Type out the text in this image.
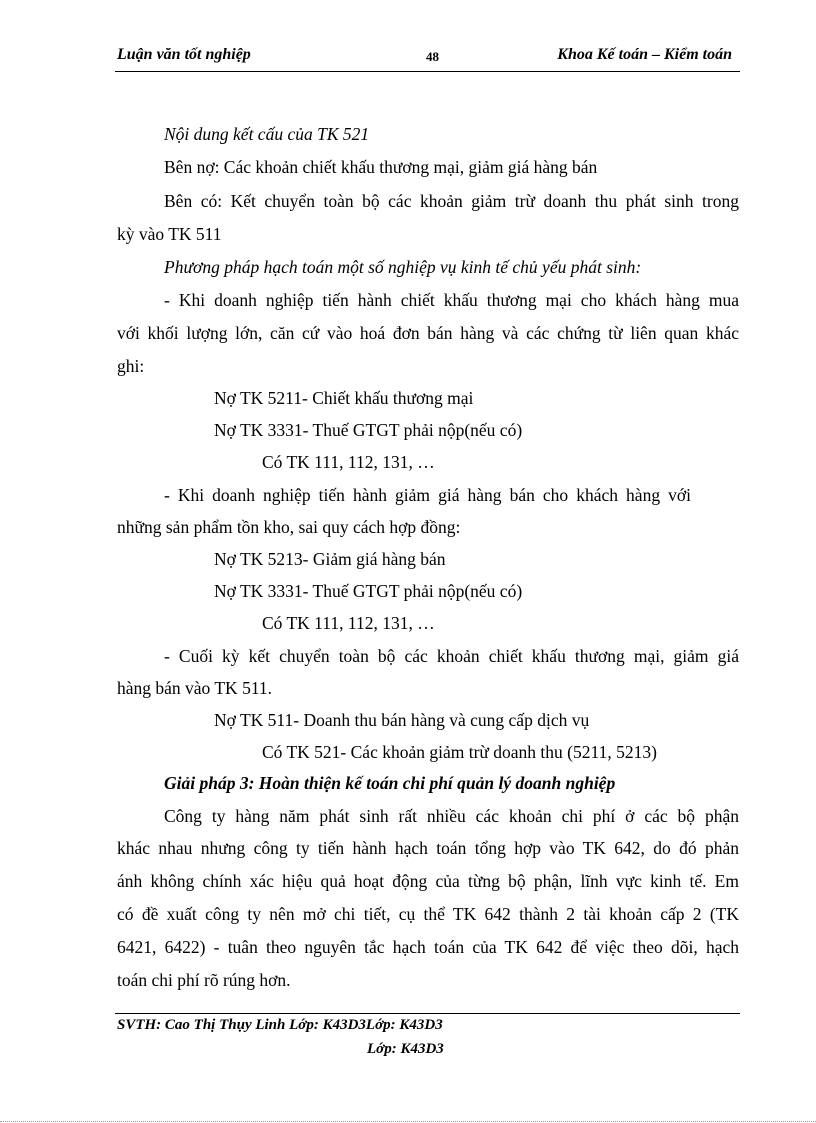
Luận văn tốt nghiệp	48	Khoa Kế toán – Kiểm toán
Nội dung kết cấu của TK 521
Bên nợ: Các khoản chiết khấu thương mại, giảm giá hàng bán
Bên có: Kết chuyển toàn bộ các khoản giảm trừ doanh thu phát sinh trong
kỳ vào TK 511
Phương pháp hạch toán một số nghiệp vụ kinh tế chủ yếu phát sinh:
- Khi doanh nghiệp tiến hành chiết khấu thương mại cho khách hàng mua
với khối lượng lớn, căn cứ vào hoá đơn bán hàng và các chứng từ liên quan khác
ghi:
Nợ TK 5211- Chiết khấu thương mại
Nợ TK 3331- Thuế GTGT phải nộp(nếu có)
Có TK 111, 112, 131, …
- Khi doanh nghiệp tiến hành giảm giá hàng bán cho khách hàng với
những sản phẩm tồn kho, sai quy cách hợp đồng:
Nợ TK 5213- Giảm giá hàng bán
Nợ TK 3331- Thuế GTGT phải nộp(nếu có)
Có TK 111, 112, 131, …
- Cuối kỳ kết chuyển toàn bộ các khoản chiết khấu thương mại, giảm giá
hàng bán vào TK 511.
Nợ TK 511- Doanh thu bán hàng và cung cấp dịch vụ
Có TK 521- Các khoản giảm trừ doanh thu (5211, 5213)
Giải pháp 3: Hoàn thiện kế toán chi phí quản lý doanh nghiệp
Công ty hàng năm phát sinh rất nhiều các khoản chi phí ở các bộ phận
khác nhau nhưng công ty tiến hành hạch toán tổng hợp vào TK 642, do đó phản
ánh không chính xác hiệu quả hoạt động của từng bộ phận, lĩnh vực kinh tế. Em
có đề xuất công ty nên mở chi tiết, cụ thể TK 642 thành 2 tài khoản cấp 2 (TK
6421, 6422) - tuân theo nguyên tắc hạch toán của TK 642 để việc theo dõi, hạch
toán chi phí rõ rúng hơn.
SVTH: Cao Thị Thụy Linh Lớp: K43D3Lớp: K43D3
Lớp: K43D3
